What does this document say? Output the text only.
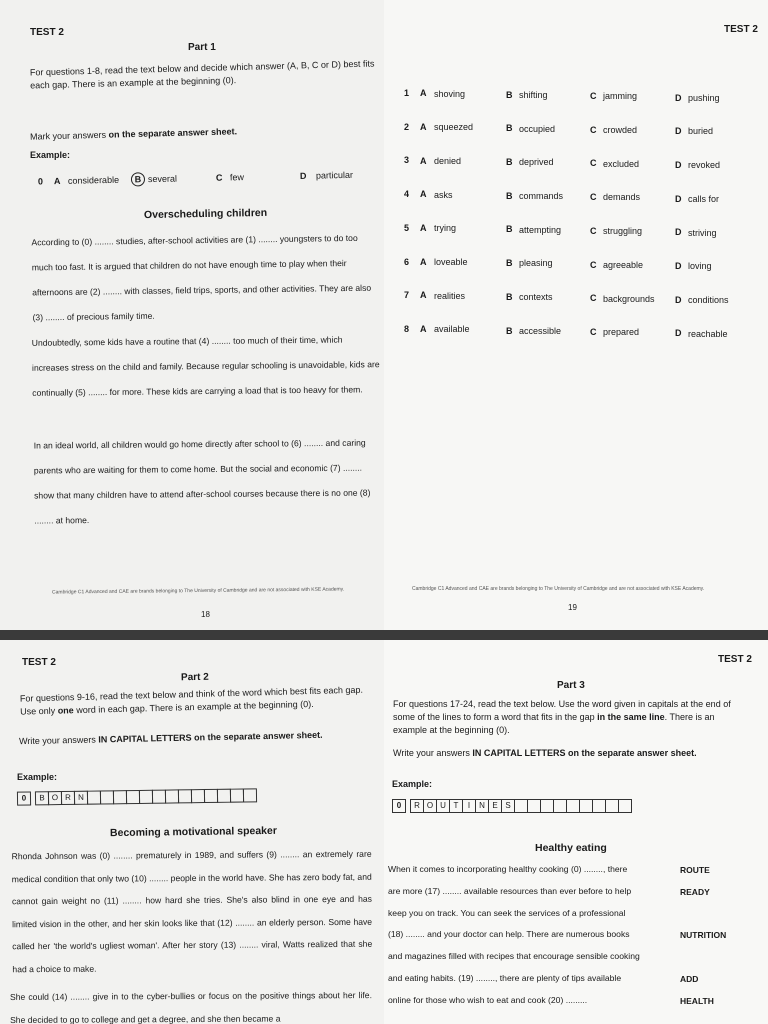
TEST 2
Part 1
For questions 1-8, read the text below and decide which answer (A, B, C or D) best fits each gap. There is an example at the beginning (0).
Mark your answers on the separate answer sheet.
Example:
0 A considerable	B several	C few	D particular
Overscheduling children
According to (0) ........ studies, after-school activities are (1) ........ youngsters to do too much too fast. It is argued that children do not have enough time to play when their afternoons are (2) ........ with classes, field trips, sports, and other activities. They are also (3) ........ of precious family time.
Undoubtedly, some kids have a routine that (4) ........ too much of their time, which increases stress on the child and family. Because regular schooling is unavoidable, kids are continually (5) ........ for more. These kids are carrying a load that is too heavy for them.
In an ideal world, all children would go home directly after school to (6) ........ and caring parents who are waiting for them to come home. But the social and economic (7) ........ show that many children have to attend after-school courses because there is no one (8) ........ at home.
Cambridge C1 Advanced and CAE are brands belonging to The University of Cambridge and are not associated with KSE Academy.
18
TEST 2
1 A shoving	B shifting	C jamming	D pushing
2 A squeezed	B occupied	C crowded	D buried
3 A denied	B deprived	C excluded	D revoked
4 A asks	B commands	C demands	D calls for
5 A trying	B attempting	C struggling	D striving
6 A loveable	B pleasing	C agreeable	D loving
7 A realities	B contexts	C backgrounds D conditions
8 A available	B accessible	C prepared	D reachable
Cambridge C1 Advanced and CAE are brands belonging to The University of Cambridge and are not associated with KSE Academy.
19
TEST 2
Part 2
For questions 9-16, read the text below and think of the word which best fits each gap. Use only one word in each gap. There is an example at the beginning (0).
Write your answers IN CAPITAL LETTERS on the separate answer sheet.
Example:
0	B O R N
Becoming a motivational speaker
Rhonda Johnson was (0) ........ prematurely in 1989, and suffers (9) ........ an extremely rare medical condition that only two (10) ........ people in the world have. She has zero body fat, and cannot gain weight no (11) ........ how hard she tries. She's also blind in one eye and has limited vision in the other, and her skin looks like that (12) ........ an elderly person. Some have called her 'the world's ugliest woman'. After her story (13) ........ viral, Watts realized that she had a choice to make.
She could (14) ........ give in to the cyber-bullies or focus on the positive things about her life. She decided to go to college and get a degree, and she then became a
TEST 2
Part 3
For questions 17-24, read the text below. Use the word given in capitals at the end of some of the lines to form a word that fits in the gap in the same line. There is an example at the beginning (0).
Write your answers IN CAPITAL LETTERS on the separate answer sheet.
Example:
0	R O U T	I	N E S
Healthy eating
When it comes to incorporating healthy cooking (0) ........, there	ROUTE
are more (17) ........ available resources than ever before to help	READY
keep you on track. You can seek the services of a professional
(18) ........ and your doctor can help. There are numerous books	NUTRITION
and magazines filled with recipes that encourage sensible cooking
and eating habits. (19) ........, there are plenty of tips available	ADD
online for those who wish to eat and cook (20) .........	HEALTH
